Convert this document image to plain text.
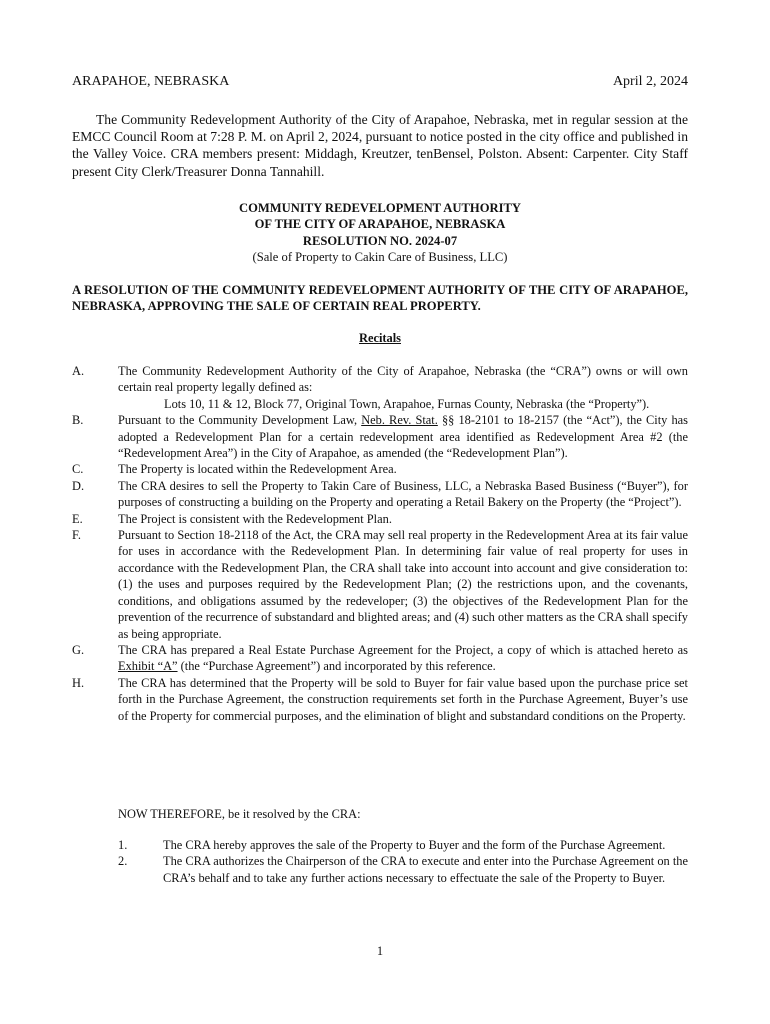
ARAPAHOE, NEBRASKA	April 2, 2024

The Community Redevelopment Authority of the City of Arapahoe, Nebraska, met in regular session at the EMCC Council Room at 7:28 P. M. on April 2, 2024, pursuant to notice posted in the city office and published in the Valley Voice. CRA members present: Middagh, Kreutzer, tenBensel, Polston. Absent: Carpenter. City Staff present City Clerk/Treasurer Donna Tannahill.

COMMUNITY REDEVELOPMENT AUTHORITY
OF THE CITY OF ARAPAHOE, NEBRASKA
RESOLUTION NO. 2024-07
(Sale of Property to Cakin Care of Business, LLC)

A RESOLUTION OF THE COMMUNITY REDEVELOPMENT AUTHORITY OF THE CITY OF ARAPAHOE, NEBRASKA, APPROVING THE SALE OF CERTAIN REAL PROPERTY.

Recitals
A.	The Community Redevelopment Authority of the City of Arapahoe, Nebraska (the “CRA”) owns or will own certain real property legally defined as:
Lots 10, 11 & 12, Block 77, Original Town, Arapahoe, Furnas County, Nebraska (the “Property”).
B.	Pursuant to the Community Development Law, Neb. Rev. Stat. §§ 18-2101 to 18-2157 (the “Act”), the City has adopted a Redevelopment Plan for a certain redevelopment area identified as Redevelopment Area #2 (the “Redevelopment Area”) in the City of Arapahoe, as amended (the “Redevelopment Plan”).
C.	The Property is located within the Redevelopment Area.
D.	The CRA desires to sell the Property to Takin Care of Business, LLC, a Nebraska Based Business (“Buyer”), for purposes of constructing a building on the Property and operating a Retail Bakery on the Property (the “Project”).
E.	The Project is consistent with the Redevelopment Plan.
F.	Pursuant to Section 18-2118 of the Act, the CRA may sell real property in the Redevelopment Area at its fair value for uses in accordance with the Redevelopment Plan. In determining fair value of real property for uses in accordance with the Redevelopment Plan, the CRA shall take into account into account and give consideration to: (1) the uses and purposes required by the Redevelopment Plan; (2) the restrictions upon, and the covenants, conditions, and obligations assumed by the redeveloper; (3) the objectives of the Redevelopment Plan for the prevention of the recurrence of substandard and blighted areas; and (4) such other matters as the CRA shall specify as being appropriate.
G.	The CRA has prepared a Real Estate Purchase Agreement for the Project, a copy of which is attached hereto as Exhibit “A” (the “Purchase Agreement”) and incorporated by this reference.
H.	The CRA has determined that the Property will be sold to Buyer for fair value based upon the purchase price set forth in the Purchase Agreement, the construction requirements set forth in the Purchase Agreement, Buyer’s use of the Property for commercial purposes, and the elimination of blight and substandard conditions on the Property.
NOW THEREFORE, be it resolved by the CRA:
1.	The CRA hereby approves the sale of the Property to Buyer and the form of the Purchase Agreement.
2.	The CRA authorizes the Chairperson of the CRA to execute and enter into the Purchase Agreement on the CRA’s behalf and to take any further actions necessary to effectuate the sale of the Property to Buyer.
1
